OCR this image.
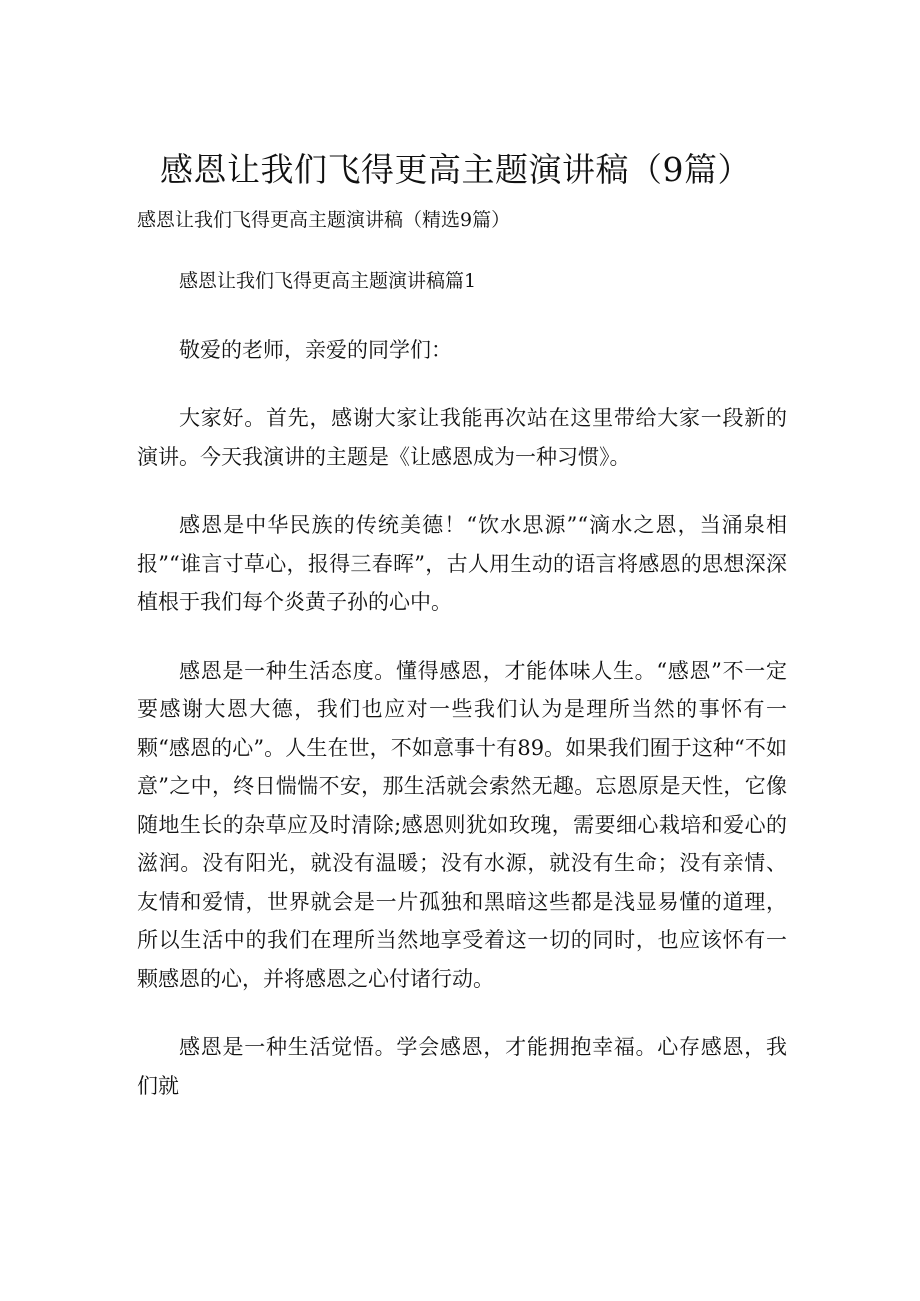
感恩让我们飞得更高主题演讲稿（9篇）
感恩让我们飞得更高主题演讲稿（精选9篇）

感恩让我们飞得更高主题演讲稿篇1

敬爱的老师，亲爱的同学们：

大家好。首先，感谢大家让我能再次站在这里带给大家一段新的演讲。今天我演讲的主题是《让感恩成为一种习惯》。

感恩是中华民族的传统美德！“饮水思源”“滴水之恩，当涌泉相报”“谁言寸草心，报得三春晖”，古人用生动的语言将感恩的思想深深植根于我们每个炎黄子孙的心中。

感恩是一种生活态度。懂得感恩，才能体味人生。“感恩”不一定要感谢大恩大德，我们也应对一些我们认为是理所当然的事怀有一颗“感恩的心”。人生在世，不如意事十有89。如果我们囿于这种“不如意”之中，终日惴惴不安，那生活就会索然无趣。忘恩原是天性，它像随地生长的杂草应及时清除;感恩则犹如玫瑰，需要细心栽培和爱心的滋润。没有阳光，就没有温暖；没有水源，就没有生命；没有亲情、友情和爱情，世界就会是一片孤独和黑暗这些都是浅显易懂的道理，所以生活中的我们在理所当然地享受着这一切的同时，也应该怀有一颗感恩的心，并将感恩之心付诸行动。

感恩是一种生活觉悟。学会感恩，才能拥抱幸福。心存感恩，我们就
